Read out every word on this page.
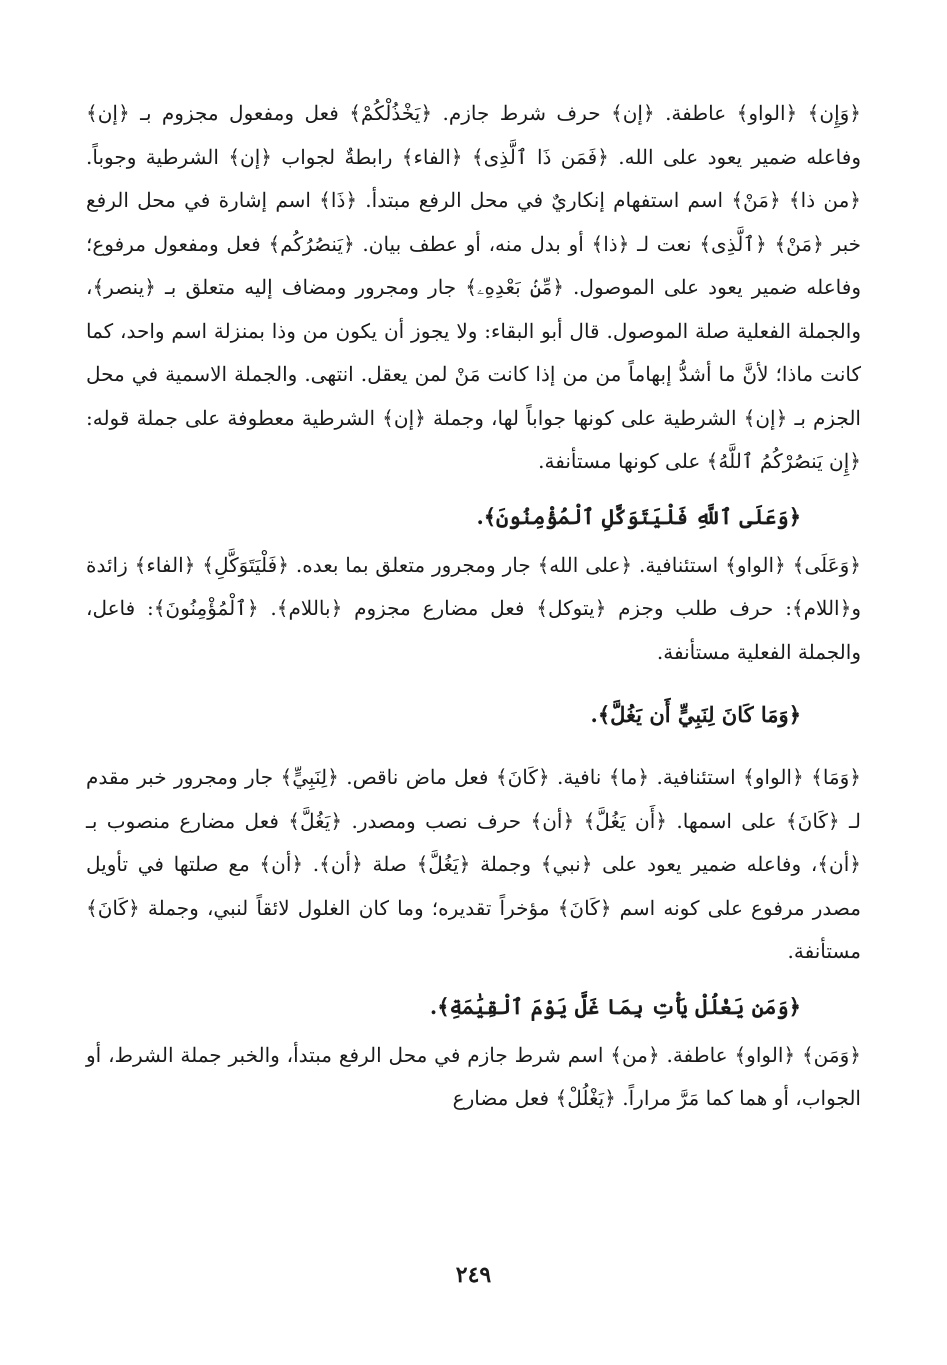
﴿وَإِن﴾ ﴿الواو﴾ عاطفة. ﴿إن﴾ حرف شرط جازم. ﴿يَخْذُلْكُمْ﴾ فعل ومفعول مجزوم بـ ﴿إن﴾ وفاعله ضمير يعود على الله. ﴿فَمَن ذَا ٱلَّذِى﴾ ﴿الفاء﴾ رابطةٌ لجواب ﴿إن﴾ الشرطية وجوباً. ﴿من ذا﴾ ﴿مَنْ﴾ اسم استفهام إنكاريٌ في محل الرفع مبتدأ. ﴿ذَا﴾ اسم إشارة في محل الرفع خبر ﴿مَنْ﴾ ﴿ٱلَّذِى﴾ نعت لـ ﴿ذا﴾ أو بدل منه، أو عطف بيان. ﴿يَنصُرُكُم﴾ فعل ومفعول مرفوع؛ وفاعله ضمير يعود على الموصول. ﴿مِّنۢ بَعْدِهِۦ﴾ جار ومجرور ومضاف إليه متعلق بـ ﴿ينصر﴾، والجملة الفعلية صلة الموصول. قال أبو البقاء: ولا يجوز أن يكون من وذا بمنزلة اسم واحد، كما كانت ماذا؛ لأنَّ ما أشدُّ إبهاماً من من إذا كانت مَنْ لمن يعقل. انتهى. والجملة الاسمية في محل الجزم بـ ﴿إن﴾ الشرطية على كونها جواباً لها، وجملة ﴿إن﴾ الشرطية معطوفة على جملة قوله: ﴿إِن يَنصُرْكُمُ ٱللَّهُ﴾ على كونها مستأنفة.

﴿وَعَلَى ٱللَّهِ فَلْيَتَوَكَّلِ ٱلْمُؤْمِنُونَ﴾.

﴿وَعَلَى﴾ ﴿الواو﴾ استئنافية. ﴿على الله﴾ جار ومجرور متعلق بما بعده. ﴿فَلْيَتَوَكَّلِ﴾ ﴿الفاء﴾ زائدة و﴿اللام﴾: حرف طلب وجزم ﴿يتوكل﴾ فعل مضارع مجزوم ﴿باللام﴾. ﴿ٱلْمُؤْمِنُونَ﴾: فاعل، والجملة الفعلية مستأنفة.

﴿وَمَا كَانَ لِنَبِيٍّ أَن يَغُلَّ﴾.

﴿وَمَا﴾ ﴿الواو﴾ استئنافية. ﴿ما﴾ نافية. ﴿كَانَ﴾ فعل ماض ناقص. ﴿لِنَبِيٍّ﴾ جار ومجرور خبر مقدم لـ ﴿كَانَ﴾ على اسمها. ﴿أَن يَغُلَّ﴾ ﴿أن﴾ حرف نصب ومصدر. ﴿يَغُلَّ﴾ فعل مضارع منصوب بـ ﴿أن﴾، وفاعله ضمير يعود على ﴿نبي﴾ وجملة ﴿يَغُلَّ﴾ صلة ﴿أن﴾. ﴿أن﴾ مع صلتها في تأويل مصدر مرفوع على كونه اسم ﴿كَانَ﴾ مؤخراً تقديره؛ وما كان الغلول لائقاً لنبي، وجملة ﴿كَانَ﴾ مستأنفة.

﴿وَمَن يَغْلُلْ يَأْتِ بِمَا غَلَّ يَوْمَ ٱلْقِيَٰمَةِ﴾.

﴿وَمَن﴾ ﴿الواو﴾ عاطفة. ﴿من﴾ اسم شرط جازم في محل الرفع مبتدأ، والخبر جملة الشرط، أو الجواب، أو هما كما مَرَّ مراراً. ﴿يَغْلُلْ﴾ فعل مضارع

٢٤٩
